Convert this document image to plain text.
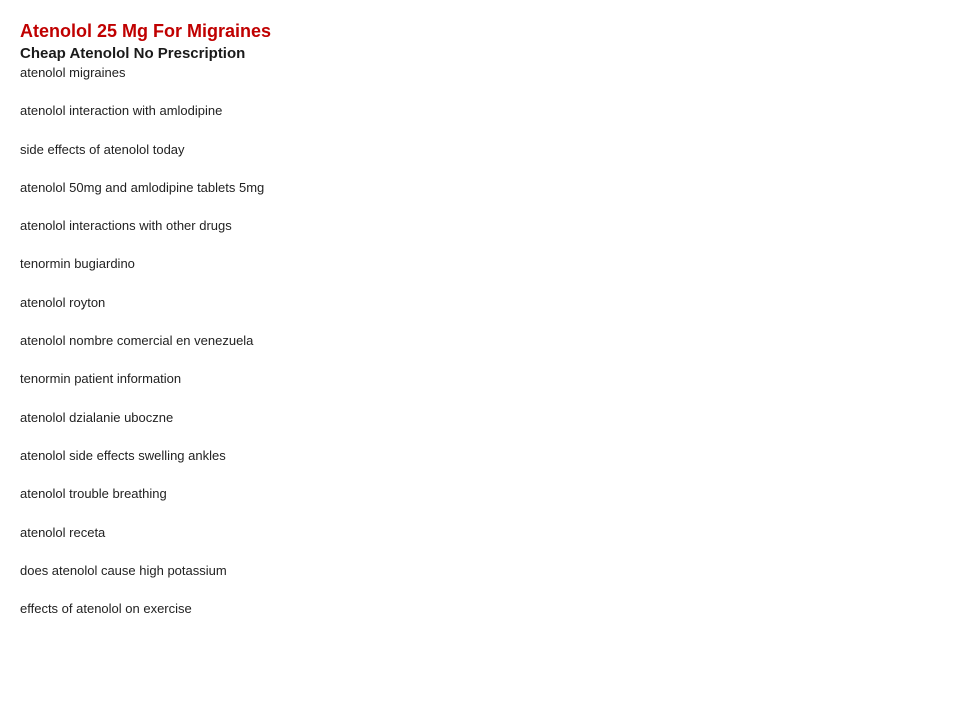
Atenolol 25 Mg For Migraines
Cheap Atenolol No Prescription
atenolol migraines
atenolol interaction with amlodipine
side effects of atenolol today
atenolol 50mg and amlodipine tablets 5mg
atenolol interactions with other drugs
tenormin bugiardino
atenolol royton
atenolol nombre comercial en venezuela
tenormin patient information
atenolol dzialanie uboczne
atenolol side effects swelling ankles
atenolol trouble breathing
atenolol receta
does atenolol cause high potassium
effects of atenolol on exercise
